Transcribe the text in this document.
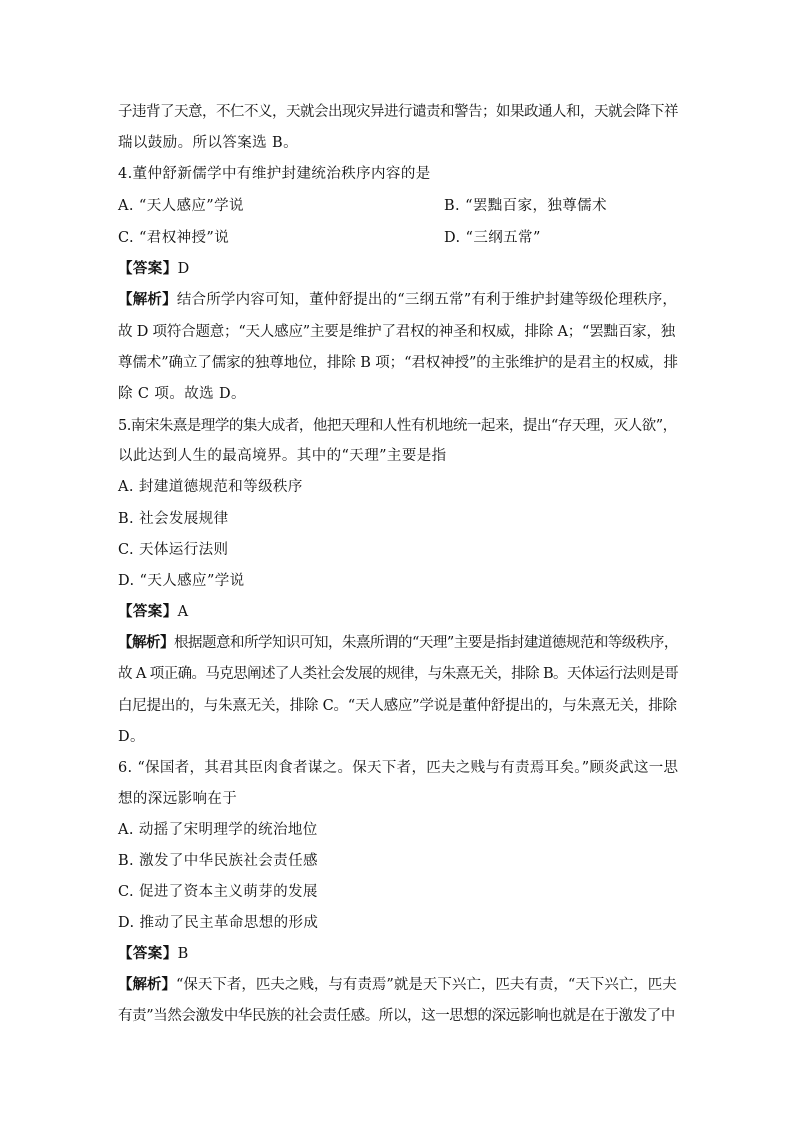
子违背了天意，不仁不义，天就会出现灾异进行谴责和警告；如果政通人和，天就会降下祥
瑞以鼓励。所以答案选 B。
4.董仲舒新儒学中有维护封建统治秩序内容的是
A. “天人感应”学说	B. “罢黜百家，独尊儒术
C. “君权神授”说	D. “三纲五常”
【答案】D
【解析】结合所学内容可知，董仲舒提出的“三纲五常”有利于维护封建等级伦理秩序，
故 D 项符合题意；“天人感应”主要是维护了君权的神圣和权威，排除 A；“罢黜百家，独
尊儒术”确立了儒家的独尊地位，排除 B 项；“君权神授”的主张维护的是君主的权威，排
除 C 项。故选 D。
5.南宋朱熹是理学的集大成者，他把天理和人性有机地统一起来，提出“存天理，灭人欲”，
以此达到人生的最高境界。其中的“天理”主要是指
A. 封建道德规范和等级秩序
B. 社会发展规律
C. 天体运行法则
D. “天人感应”学说
【答案】A
【解析】根据题意和所学知识可知，朱熹所谓的“天理”主要是指封建道德规范和等级秩序，
故 A 项正确。马克思阐述了人类社会发展的规律，与朱熹无关，排除 B。天体运行法则是哥
白尼提出的，与朱熹无关，排除 C。“天人感应”学说是董仲舒提出的，与朱熹无关，排除
D。
6. “保国者，其君其臣肉食者谋之。保天下者，匹夫之贱与有责焉耳矣。”顾炎武这一思
想的深远影响在于
A. 动摇了宋明理学的统治地位
B. 激发了中华民族社会责任感
C. 促进了资本主义萌芽的发展
D. 推动了民主革命思想的形成
【答案】B
【解析】“保天下者，匹夫之贱，与有责焉”就是天下兴亡，匹夫有责，“天下兴亡，匹夫
有责”当然会激发中华民族的社会责任感。所以，这一思想的深远影响也就是在于激发了中
